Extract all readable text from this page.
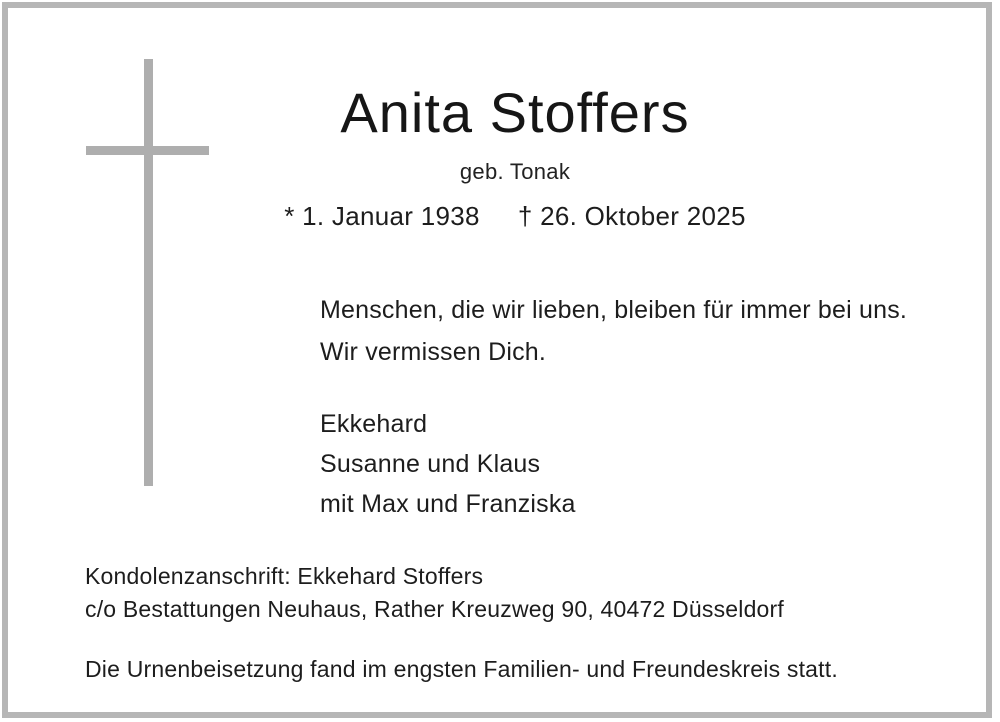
Anita Stoffers
geb. Tonak
* 1. Januar 1938 † 26. Oktober 2025
Menschen, die wir lieben, bleiben für immer bei uns.
Wir vermissen Dich.
Ekkehard
Susanne und Klaus
mit Max und Franziska
Kondolenzanschrift: Ekkehard Stoffers
c/o Bestattungen Neuhaus, Rather Kreuzweg 90, 40472 Düsseldorf
Die Urnenbeisetzung fand im engsten Familien- und Freundeskreis statt.
